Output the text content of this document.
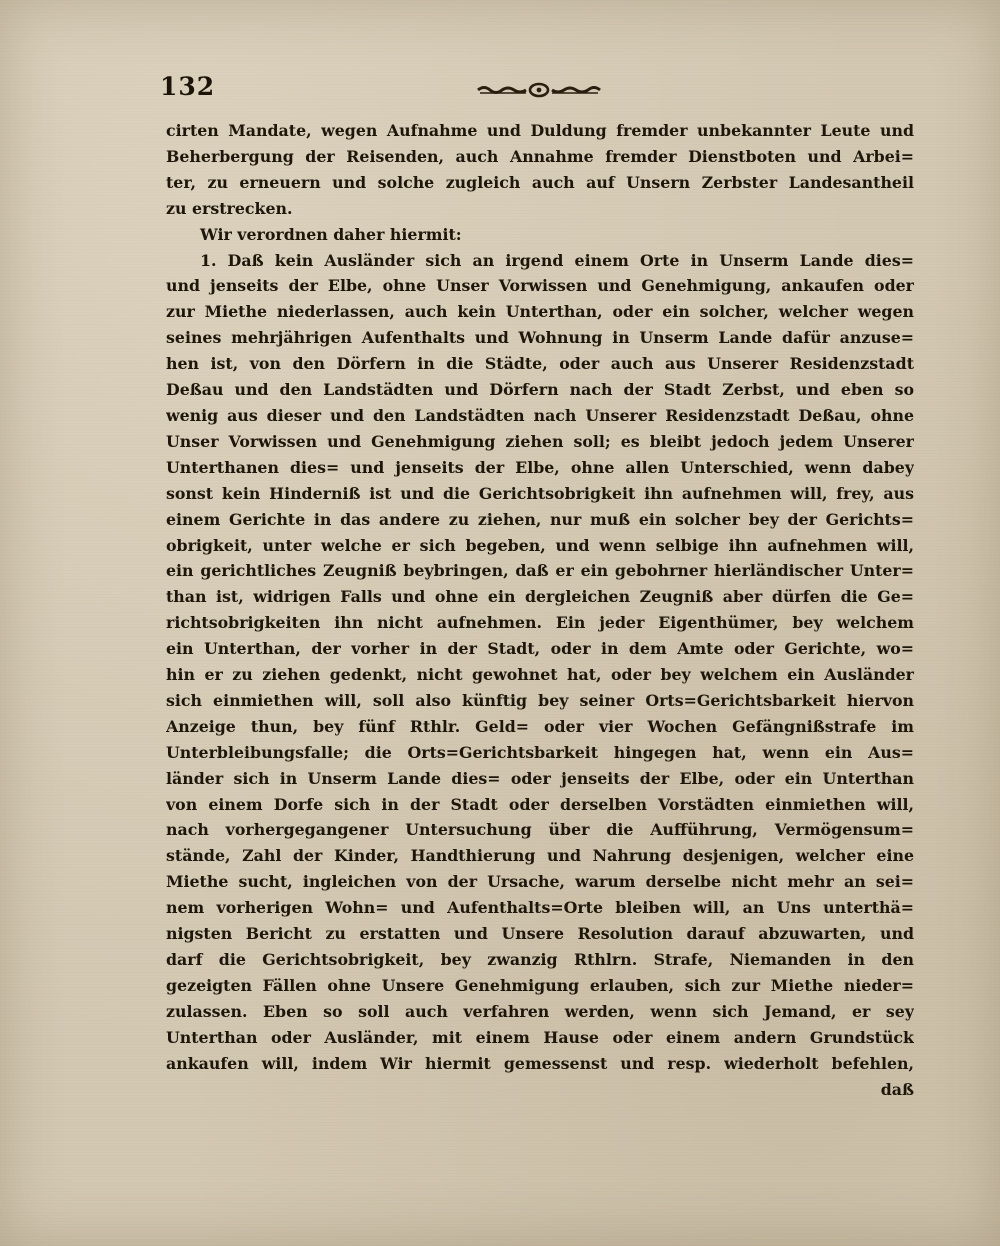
132
cirten Mandate, wegen Aufnahme und Duldung fremder unbekannter Leute und
Beherbergung der Reisenden, auch Annahme fremder Dienstboten und Arbei=
ter, zu erneuern und solche zugleich auch auf Unsern Zerbster Landesantheil
zu erstrecken.
Wir verordnen daher hiermit:
1. Daß kein Ausländer sich an irgend einem Orte in Unserm Lande dies=
und jenseits der Elbe, ohne Unser Vorwissen und Genehmigung, ankaufen oder
zur Miethe niederlassen, auch kein Unterthan, oder ein solcher, welcher wegen
seines mehrjährigen Aufenthalts und Wohnung in Unserm Lande dafür anzuse=
hen ist, von den Dörfern in die Städte, oder auch aus Unserer Residenzstadt
Deßau und den Landstädten und Dörfern nach der Stadt Zerbst, und eben so
wenig aus dieser und den Landstädten nach Unserer Residenzstadt Deßau, ohne
Unser Vorwissen und Genehmigung ziehen soll; es bleibt jedoch jedem Unserer
Unterthanen dies= und jenseits der Elbe, ohne allen Unterschied, wenn dabey
sonst kein Hinderniß ist und die Gerichtsobrigkeit ihn aufnehmen will, frey, aus
einem Gerichte in das andere zu ziehen, nur muß ein solcher bey der Gerichts=
obrigkeit, unter welche er sich begeben, und wenn selbige ihn aufnehmen will,
ein gerichtliches Zeugniß beybringen, daß er ein gebohrner hierländischer Unter=
than ist, widrigen Falls und ohne ein dergleichen Zeugniß aber dürfen die Ge=
richtsobrigkeiten ihn nicht aufnehmen. Ein jeder Eigenthümer, bey welchem
ein Unterthan, der vorher in der Stadt, oder in dem Amte oder Gerichte, wo=
hin er zu ziehen gedenkt, nicht gewohnet hat, oder bey welchem ein Ausländer
sich einmiethen will, soll also künftig bey seiner Orts=Gerichtsbarkeit hiervon
Anzeige thun, bey fünf Rthlr. Geld= oder vier Wochen Gefängnißstrafe im
Unterbleibungsfalle; die Orts=Gerichtsbarkeit hingegen hat, wenn ein Aus=
länder sich in Unserm Lande dies= oder jenseits der Elbe, oder ein Unterthan
von einem Dorfe sich in der Stadt oder derselben Vorstädten einmiethen will,
nach vorhergegangener Untersuchung über die Aufführung, Vermögensum=
stände, Zahl der Kinder, Handthierung und Nahrung desjenigen, welcher eine
Miethe sucht, ingleichen von der Ursache, warum derselbe nicht mehr an sei=
nem vorherigen Wohn= und Aufenthalts=Orte bleiben will, an Uns unterthä=
nigsten Bericht zu erstatten und Unsere Resolution darauf abzuwarten, und
darf die Gerichtsobrigkeit, bey zwanzig Rthlrn. Strafe, Niemanden in den
gezeigten Fällen ohne Unsere Genehmigung erlauben, sich zur Miethe nieder=
zulassen. Eben so soll auch verfahren werden, wenn sich Jemand, er sey
Unterthan oder Ausländer, mit einem Hause oder einem andern Grundstück
ankaufen will, indem Wir hiermit gemessenst und resp. wiederholt befehlen,
daß
